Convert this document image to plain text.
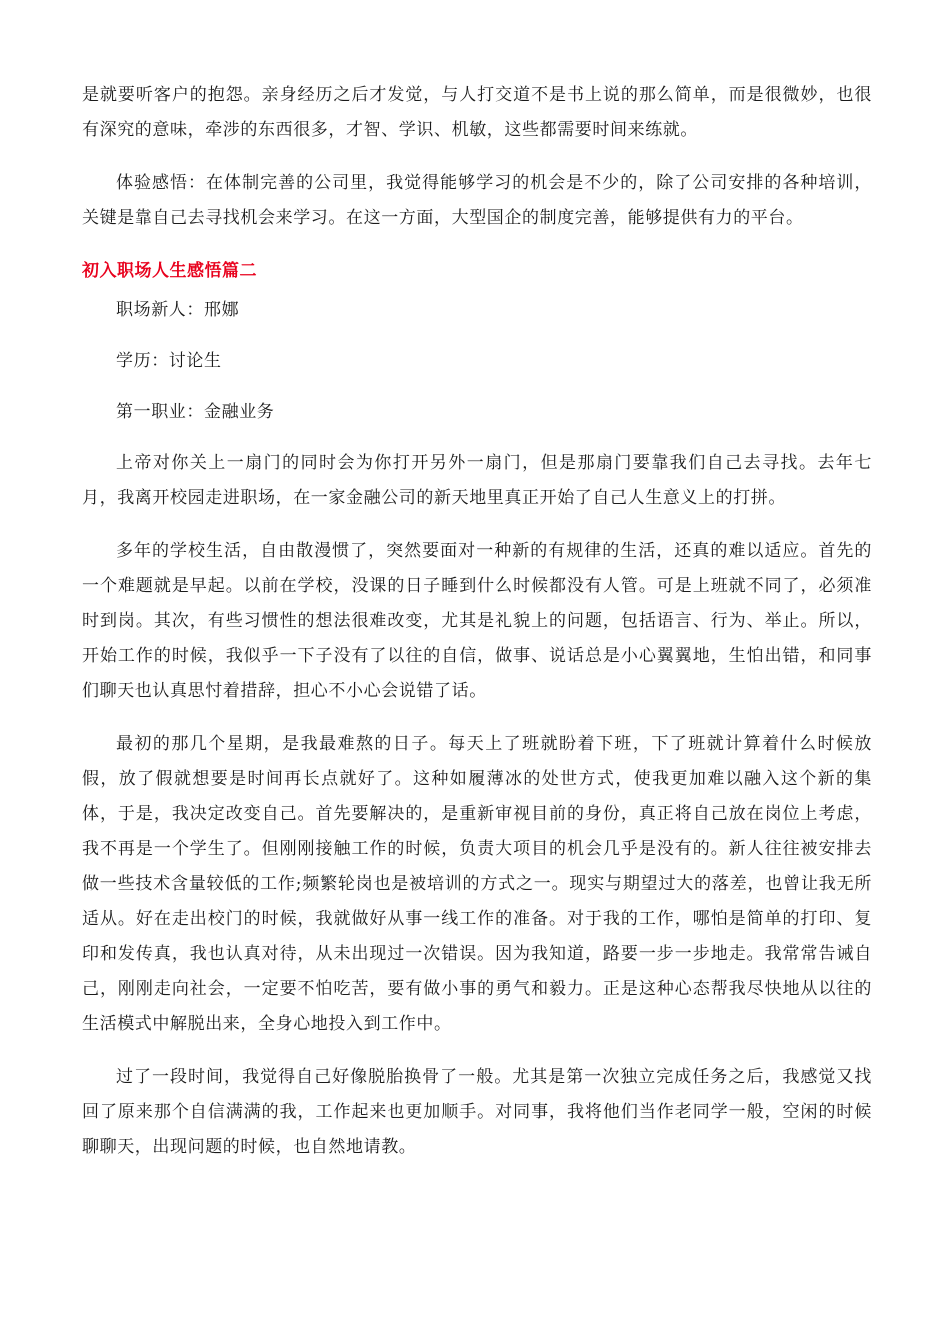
是就要听客户的抱怨。亲身经历之后才发觉，与人打交道不是书上说的那么简单，而是很微妙，也很有深究的意味，牵涉的东西很多，才智、学识、机敏，这些都需要时间来练就。

体验感悟：在体制完善的公司里，我觉得能够学习的机会是不少的，除了公司安排的各种培训，关键是靠自己去寻找机会来学习。在这一方面，大型国企的制度完善，能够提供有力的平台。

初入职场人生感悟篇二

职场新人：邢娜

学历：讨论生

第一职业：金融业务

上帝对你关上一扇门的同时会为你打开另外一扇门，但是那扇门要靠我们自己去寻找。去年七月，我离开校园走进职场，在一家金融公司的新天地里真正开始了自己人生意义上的打拼。

多年的学校生活，自由散漫惯了，突然要面对一种新的有规律的生活，还真的难以适应。首先的一个难题就是早起。以前在学校，没课的日子睡到什么时候都没有人管。可是上班就不同了，必须准时到岗。其次，有些习惯性的想法很难改变，尤其是礼貌上的问题，包括语言、行为、举止。所以，开始工作的时候，我似乎一下子没有了以往的自信，做事、说话总是小心翼翼地，生怕出错，和同事们聊天也认真思忖着措辞，担心不小心会说错了话。

最初的那几个星期，是我最难熬的日子。每天上了班就盼着下班，下了班就计算着什么时候放假，放了假就想要是时间再长点就好了。这种如履薄冰的处世方式，使我更加难以融入这个新的集体，于是，我决定改变自己。首先要解决的，是重新审视目前的身份，真正将自己放在岗位上考虑，我不再是一个学生了。但刚刚接触工作的时候，负责大项目的机会几乎是没有的。新人往往被安排去做一些技术含量较低的工作;频繁轮岗也是被培训的方式之一。现实与期望过大的落差，也曾让我无所适从。好在走出校门的时候，我就做好从事一线工作的准备。对于我的工作，哪怕是简单的打印、复印和发传真，我也认真对待，从未出现过一次错误。因为我知道，路要一步一步地走。我常常告诫自己，刚刚走向社会，一定要不怕吃苦，要有做小事的勇气和毅力。正是这种心态帮我尽快地从以往的生活模式中解脱出来，全身心地投入到工作中。

过了一段时间，我觉得自己好像脱胎换骨了一般。尤其是第一次独立完成任务之后，我感觉又找回了原来那个自信满满的我，工作起来也更加顺手。对同事，我将他们当作老同学一般，空闲的时候聊聊天，出现问题的时候，也自然地请教。
